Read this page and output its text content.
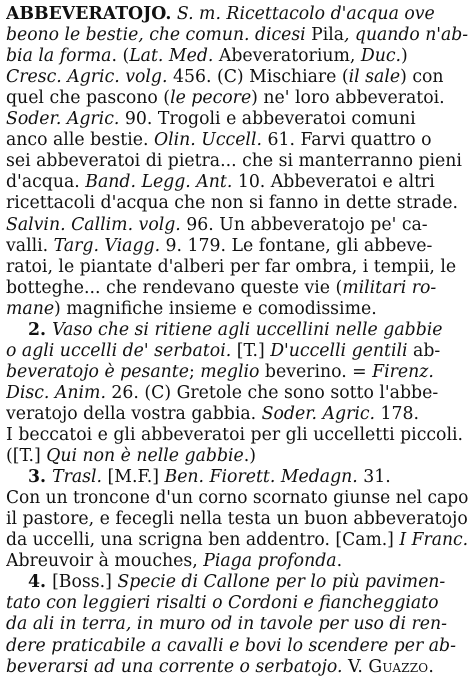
ABBEVERATOJO. S. m. Ricettacolo d'acqua ove
beono le bestie, che comun. dicesi Pila, quando n'ab-
bia la forma. (Lat. Med. Abeveratorium, Duc.)
Cresc. Agric. volg. 456. (C) Mischiare (il sale) con
quel che pascono (le pecore) ne' loro abbeveratoi.
Soder. Agric. 90. Trogoli e abbeveratoi comuni
anco alle bestie. Olin. Uccell. 61. Farvi quattro o
sei abbeveratoi di pietra... che si manterranno pieni
d'acqua. Band. Legg. Ant. 10. Abbeveratoi e altri
ricettacoli d'acqua che non si fanno in dette strade.
Salvin. Callim. volg. 96. Un abbeveratojo pe' ca-
valli. Targ. Viagg. 9. 179. Le fontane, gli abbeve-
ratoi, le piantate d'alberi per far ombra, i tempii, le
botteghe... che rendevano queste vie (militari ro-
mane) magnifiche insieme e comodissime.
2. Vaso che si ritiene agli uccellini nelle gabbie
o agli uccelli de' serbatoi. [T.] D'uccelli gentili ab-
beveratojo è pesante; meglio beverino. = Firenz.
Disc. Anim. 26. (C) Gretole che sono sotto l'abbe-
veratojo della vostra gabbia. Soder. Agric. 178.
I beccatoi e gli abbeveratoi per gli uccelletti piccoli.
([T.] Qui non è nelle gabbie.)
3. Trasl. [M.F.] Ben. Fiorett. Medagn. 31.
Con un troncone d'un corno scornato giunse nel capo
il pastore, e fecegli nella testa un buon abbeveratojo
da uccelli, una scrigna ben addentro. [Cam.] I Franc.
Abreuvoir à mouches, Piaga profonda.
4. [Boss.] Specie di Callone per lo più pavimen-
tato con leggieri risalti o Cordoni e fiancheggiato
da ali in terra, in muro od in tavole per uso di ren-
dere praticabile a cavalli e bovi lo scendere per ab-
beverarsi ad una corrente o serbatojo. V. Guazzo.
